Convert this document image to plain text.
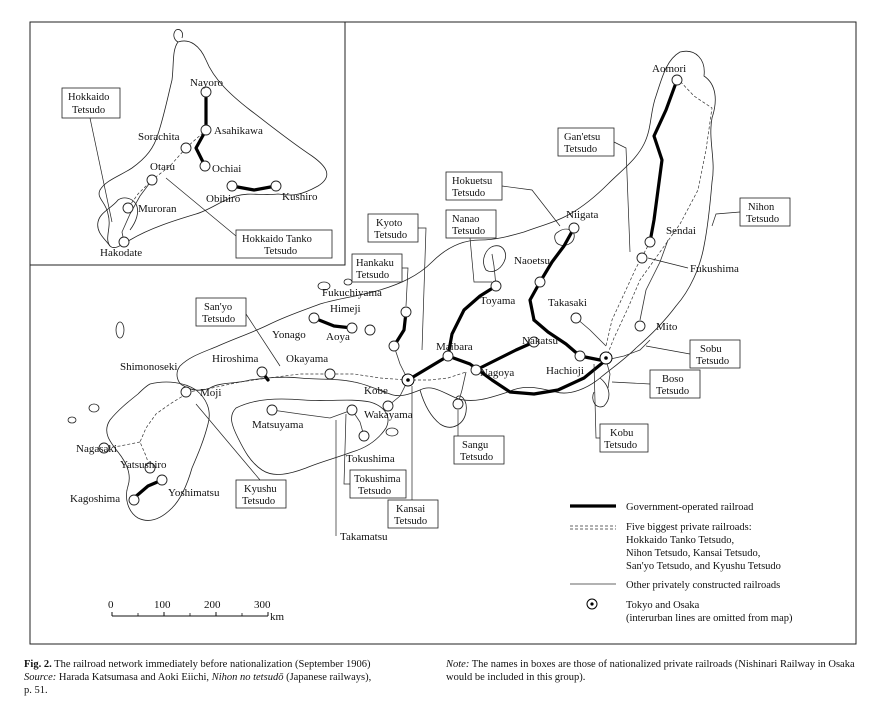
Nayoro
Asahikawa
Sorachita
Ochiai
Otaru
Obihiro	Kushiro
Muroran
Hakodate
Hokkaido
Tetsudo
Hokkaido Tanko
Tetsudo
Aomori
Niigata
Sendai
Fukushima
Naoetsu
Toyama	Takasaki
Mito
Maibara	Nakatsu
Nagoya	Hachioji
Fukuchiyama
Himeji
Yonago Aoya
Okayama
Hiroshima
Kobe
Wakayama
Shimonoseki
Moji
Matsuyama
Tokushima
Nagasaki
Yatsushiro
Kagoshima	Yoshimatsu
Takamatsu
Gan'etsu
Tetsudo
Hokuetsu
Tetsudo
Nanao
Tetsudo
Kyoto
Tetsudo
Hankaku
Tetsudo
San'yo
Tetsudo
Nihon
Tetsudo
Sobu
Tetsudo
Boso
Tetsudo
Kobu
Tetsudo
Sangu
Tetsudo
Kansai
Tetsudo
Tokushima
Tetsudo
Kyushu
Tetsudo
Government-operated railroad
Five biggest private railroads:
Hokkaido Tanko Tetsudo,
Nihon Tetsudo, Kansai Tetsudo,
San'yo Tetsudo, and Kyushu Tetsudo
Other privately constructed railroads
Tokyo and Osaka
(interurban lines are omitted from map)
0	100	200	300
km
Fig. 2. The railroad network immediately before nationalization (September 1906)
Source: Harada Katsumasa and Aoki Eiichi, Nihon no tetsudō (Japanese railways),
p. 51.
Note: The names in boxes are those of nationalized private railroads (Nishinari Railway in Osaka would be included in this group).
